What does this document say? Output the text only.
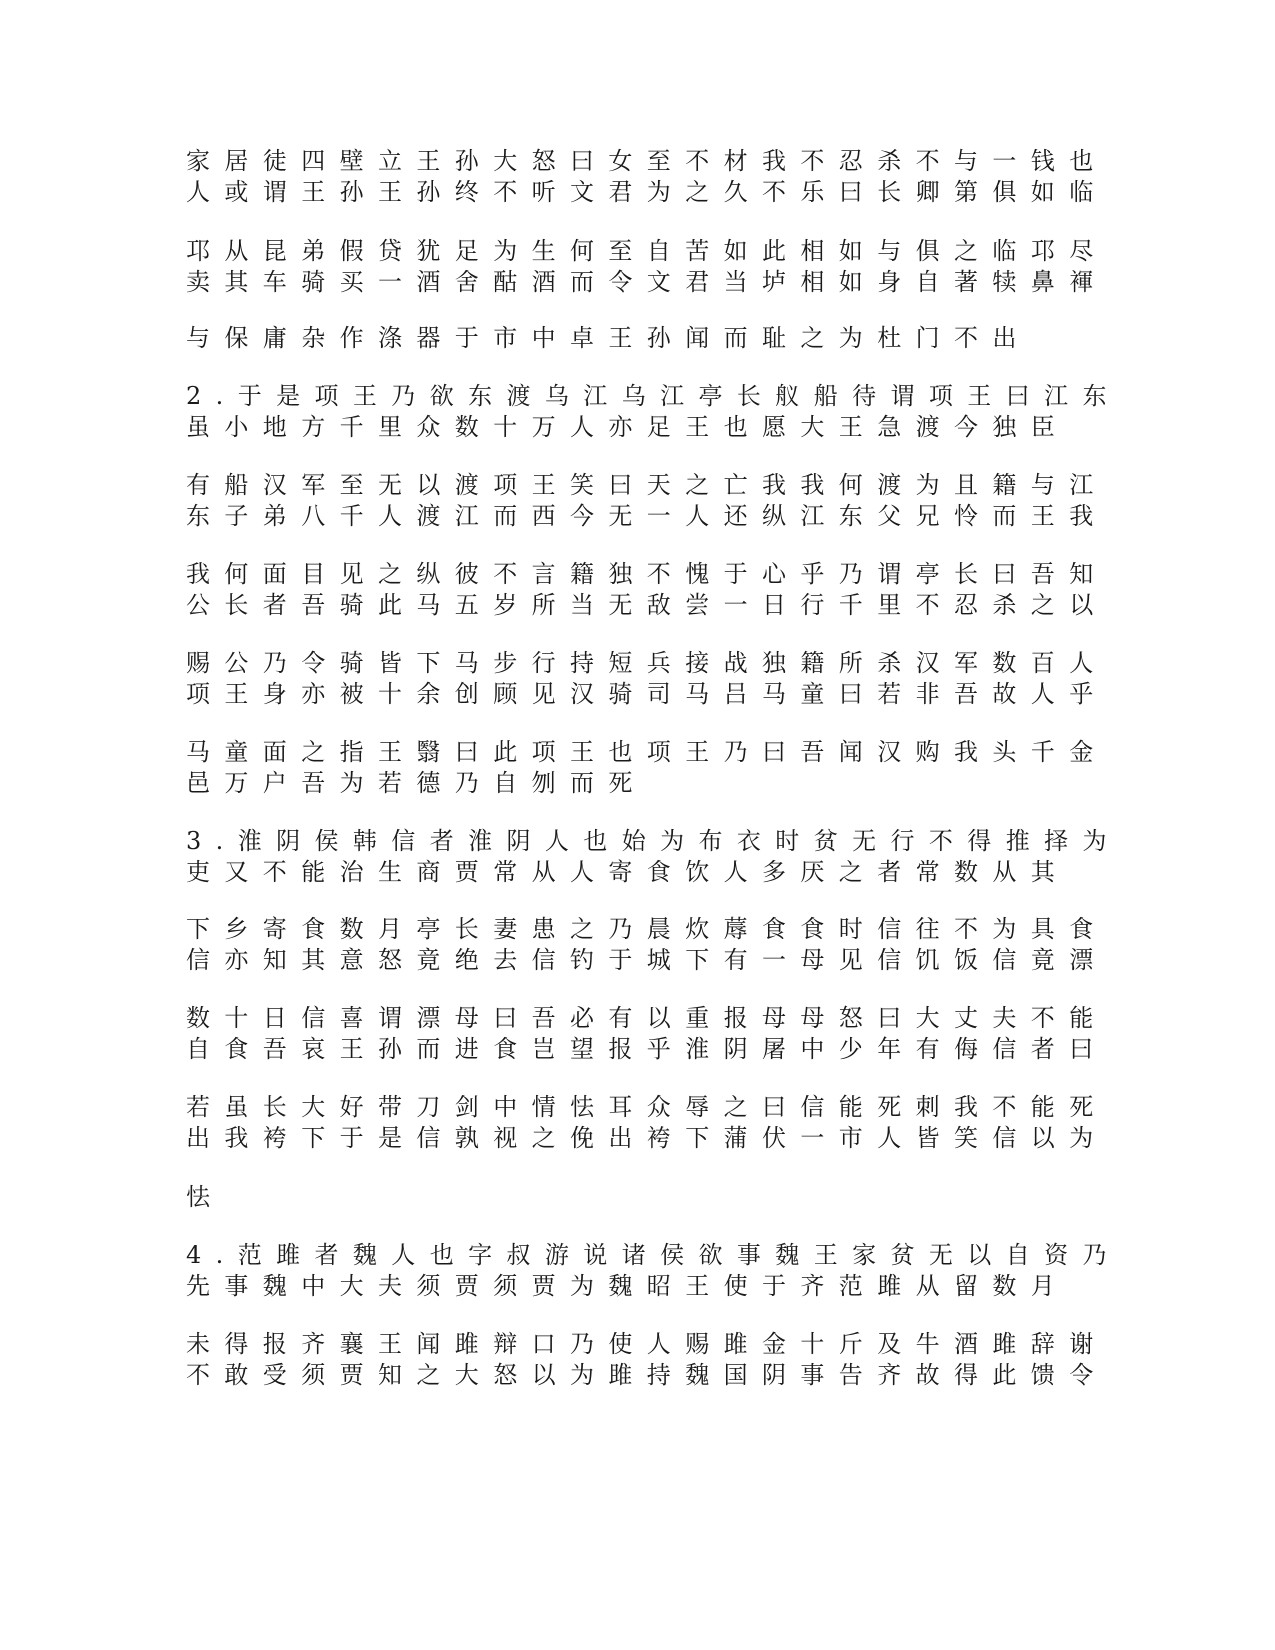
家居徒四壁立王孙大怒曰女至不材我不忍杀不与一钱也
人或谓王孙王孙终不听文君为之久不乐曰长卿第俱如临
邛从昆弟假贷犹足为生何至自苦如此相如与俱之临邛尽
卖其车骑买一酒舍酤酒而令文君当垆相如身自著犊鼻褌
与保庸杂作涤器于市中卓王孙闻而耻之为杜门不出
2.于是项王乃欲东渡乌江乌江亭长舣船待谓项王曰江东
虽小地方千里众数十万人亦足王也愿大王急渡今独臣
有船汉军至无以渡项王笑曰天之亡我我何渡为且籍与江
东子弟八千人渡江而西今无一人还纵江东父兄怜而王我
我何面目见之纵彼不言籍独不愧于心乎乃谓亭长曰吾知
公长者吾骑此马五岁所当无敌尝一日行千里不忍杀之以
赐公乃令骑皆下马步行持短兵接战独籍所杀汉军数百人
项王身亦被十余创顾见汉骑司马吕马童曰若非吾故人乎
马童面之指王翳曰此项王也项王乃曰吾闻汉购我头千金
邑万户吾为若德乃自刎而死
3.淮阴侯韩信者淮阴人也始为布衣时贫无行不得推择为
吏又不能治生商贾常从人寄食饮人多厌之者常数从其
下乡寄食数月亭长妻患之乃晨炊蓐食食时信往不为具食
信亦知其意怒竟绝去信钓于城下有一母见信饥饭信竟漂
数十日信喜谓漂母曰吾必有以重报母母怒曰大丈夫不能
自食吾哀王孙而进食岂望报乎淮阴屠中少年有侮信者曰
若虽长大好带刀剑中情怯耳众辱之曰信能死刺我不能死
出我袴下于是信孰视之俛出袴下蒲伏一市人皆笑信以为
怯
4.范雎者魏人也字叔游说诸侯欲事魏王家贫无以自资乃
先事魏中大夫须贾须贾为魏昭王使于齐范雎从留数月
未得报齐襄王闻雎辩口乃使人赐雎金十斤及牛酒雎辞谢
不敢受须贾知之大怒以为雎持魏国阴事告齐故得此馈令
